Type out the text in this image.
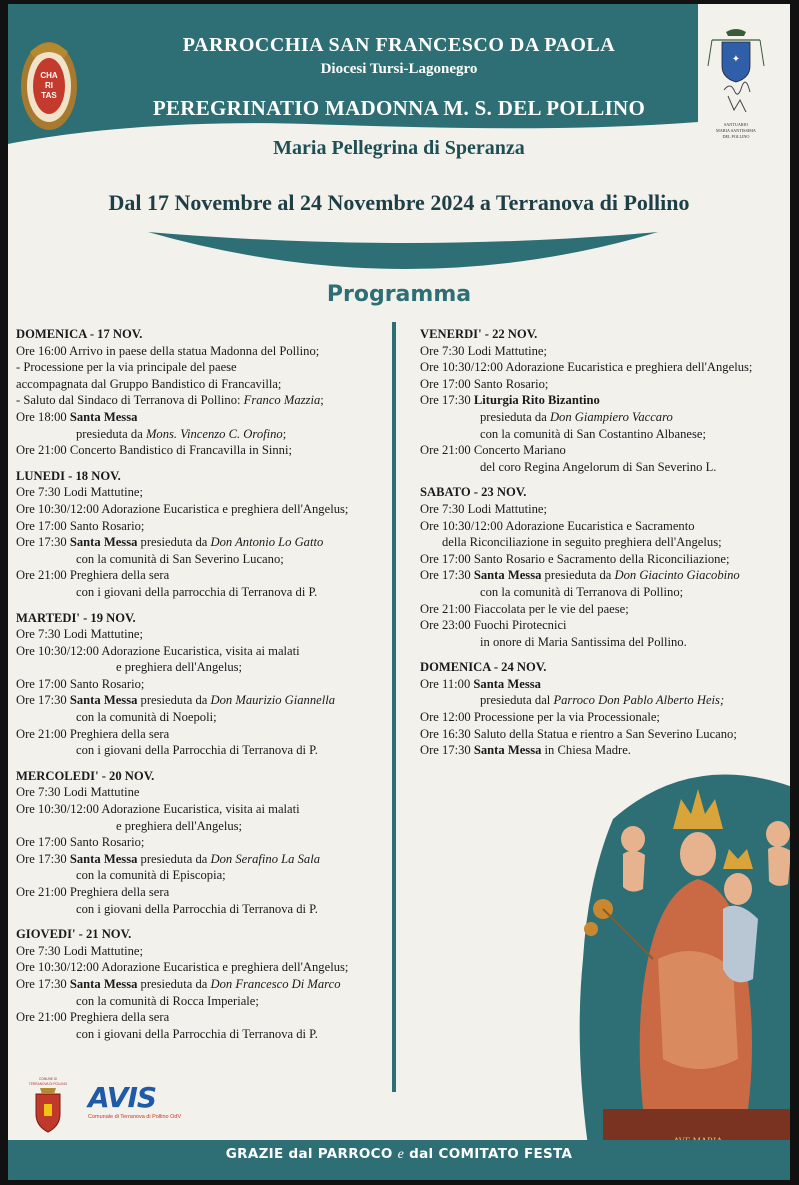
CHA
RI
TAS
✦
SANTUARIO
MARIA SANTISSIMA
DEL POLLINO
PARROCCHIA SAN FRANCESCO DA PAOLA
Diocesi Tursi-Lagonegro
PEREGRINATIO MADONNA M. S. DEL POLLINO
Maria Pellegrina di Speranza
Dal 17 Novembre al 24 Novembre 2024 a Terranova di Pollino
Programma
DOMENICA - 17 NOV.
Ore 16:00 Arrivo in paese della statua Madonna del Pollino;
- Processione per la via principale del paese
accompagnata dal Gruppo Bandistico di Francavilla;
- Saluto dal Sindaco di Terranova di Pollino: Franco Mazzia;
Ore 18:00 Santa Messa
presieduta da Mons. Vincenzo C. Orofino;
Ore 21:00 Concerto Bandistico di Francavilla in Sinni;
LUNEDI - 18 NOV.
Ore 7:30 Lodi Mattutine;
Ore 10:30/12:00 Adorazione Eucaristica e preghiera dell'Angelus;
Ore 17:00 Santo Rosario;
Ore 17:30 Santa Messa presieduta da Don Antonio Lo Gatto
con la comunità di San Severino Lucano;
Ore 21:00 Preghiera della sera
con i giovani della parrocchia di Terranova di P.
MARTEDI' - 19 NOV.
Ore 7:30 Lodi Mattutine;
Ore 10:30/12:00 Adorazione Eucaristica, visita ai malati
e preghiera dell'Angelus;
Ore 17:00 Santo Rosario;
Ore 17:30 Santa Messa presieduta da Don Maurizio Giannella
con la comunità di Noepoli;
Ore 21:00 Preghiera della sera
con i giovani della Parrocchia di Terranova di P.
MERCOLEDI' - 20 NOV.
Ore 7:30 Lodi Mattutine
Ore 10:30/12:00 Adorazione Eucaristica, visita ai malati
e preghiera dell'Angelus;
Ore 17:00 Santo Rosario;
Ore 17:30 Santa Messa presieduta da Don Serafino La Sala
con la comunità di Episcopia;
Ore 21:00 Preghiera della sera
con i giovani della Parrocchia di Terranova di P.
GIOVEDI' - 21 NOV.
Ore 7:30 Lodi Mattutine;
Ore 10:30/12:00 Adorazione Eucaristica e preghiera dell'Angelus;
Ore 17:30 Santa Messa presieduta da Don Francesco Di Marco
con la comunità di Rocca Imperiale;
Ore 21:00 Preghiera della sera
con i giovani della Parrocchia di Terranova di P.
VENERDI' - 22 NOV.
Ore 7:30 Lodi Mattutine;
Ore 10:30/12:00 Adorazione Eucaristica e preghiera dell'Angelus;
Ore 17:00 Santo Rosario;
Ore 17:30 Liturgia Rito Bizantino
presieduta da Don Giampiero Vaccaro
con la comunità di San Costantino Albanese;
Ore 21:00 Concerto Mariano
del coro Regina Angelorum di San Severino L.
SABATO - 23 NOV.
Ore 7:30 Lodi Mattutine;
Ore 10:30/12:00 Adorazione Eucaristica e Sacramento
della Riconciliazione in seguito preghiera dell'Angelus;
Ore 17:00 Santo Rosario e Sacramento della Riconciliazione;
Ore 17:30 Santa Messa presieduta da Don Giacinto Giacobino
con la comunità di Terranova di Pollino;
Ore 21:00 Fiaccolata per le vie del paese;
Ore 23:00 Fuochi Pirotecnici
in onore di Maria Santissima del Pollino.
DOMENICA - 24 NOV.
Ore 11:00 Santa Messa
presieduta dal Parroco Don Pablo Alberto Heis;
Ore 12:00 Processione per la via Processionale;
Ore 16:30 Saluto della Statua e rientro a San Severino Lucano;
Ore 17:30 Santa Messa in Chiesa Madre.
COMUNE DI
TERRANOVA DI POLLINO AVIS
Comunale di Terranova di Pollino OdV
GRAZIE dal PARROCO e dal COMITATO FESTA
